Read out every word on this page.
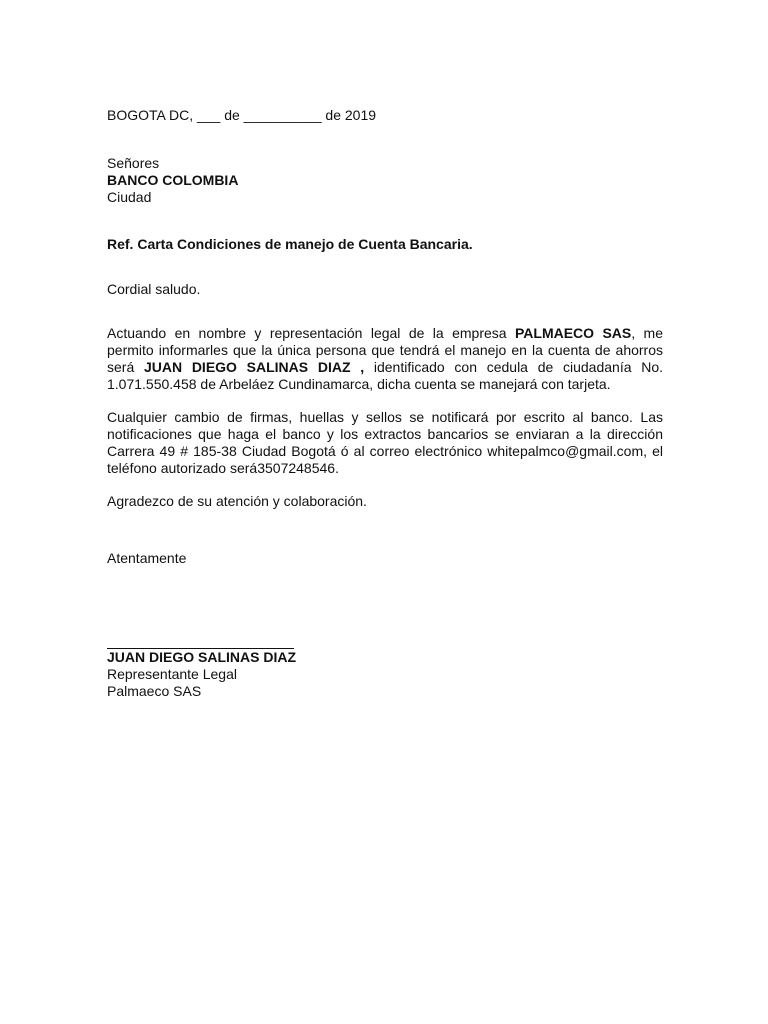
BOGOTA DC, ___ de __________ de 2019
Señores
BANCO COLOMBIA
Ciudad
Ref. Carta Condiciones de manejo de Cuenta Bancaria.
Cordial saludo.
Actuando en nombre y representación legal de la empresa PALMAECO SAS, me permito informarles que la única persona que tendrá el manejo en la cuenta de ahorros será JUAN DIEGO SALINAS DIAZ , identificado con cedula de ciudadanía No. 1.071.550.458 de Arbeláez Cundinamarca, dicha cuenta se manejará con tarjeta.
Cualquier cambio de firmas, huellas y sellos se notificará por escrito al banco. Las notificaciones que haga el banco y los extractos bancarios se enviaran a la dirección Carrera 49 # 185-38 Ciudad Bogotá ó al correo electrónico whitepalmco@gmail.com, el teléfono autorizado será3507248546.
Agradezco de su atención y colaboración.
Atentamente
JUAN DIEGO SALINAS DIAZ
Representante Legal
Palmaeco SAS
